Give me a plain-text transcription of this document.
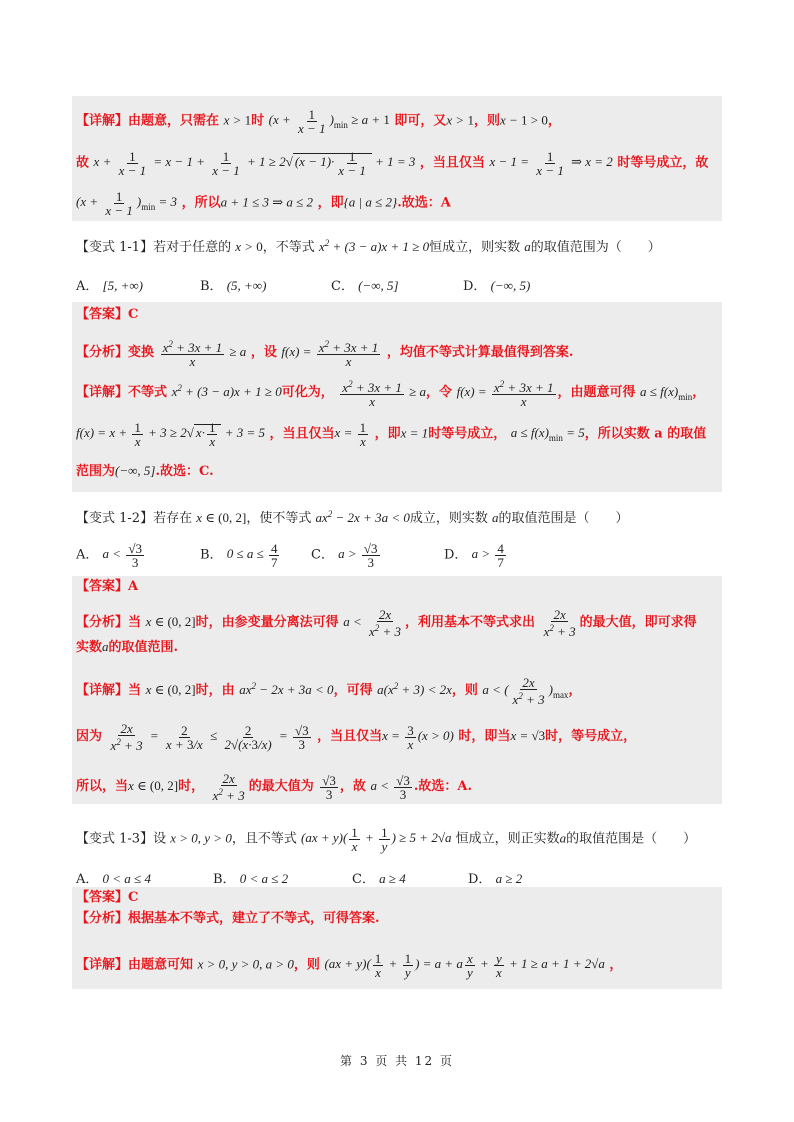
【详解】由题意，只需在 x > 1时 $(x + \frac{1}{x - 1} )_{min} \ge a + 1$ 即可，又x > 1，则x − 1 > 0，
故 $x + \frac{1}{x - 1} = x - 1 + \frac{1}{x - 1} + 1 \ge 2√$ $(x - 1)\cdot \frac{1}{x - 1} + 1 = 3$ ，当且仅当 $x - 1 = \frac{1}{x - 1}$ ⇒ x = 2 时等号成立，故
$(x + \frac{1}{x - 1} )_{min} = 3$ ，所以a + 1 ≤ 3 ⇒ a ≤ 2 ，即{a | a ≤ 2}.故选：A
【变式 1-1】若对于任意的 x > 0，不等式 $x^2 + (3 - a)x + 1 \ge 0$恒成立，则实数 a的取值范围为（　　）
A． [5, +∞)	B． (5, +∞)	C． (−∞, 5]	D． (−∞, 5)
【答案】C
【分析】变换 $\frac{x^2 + 3x + 1}{x} \ge a$ ，设 $f(x) = \frac{x^2 + 3x + 1}{x}$ ，均值不等式计算最值得到答案.
【详解】不等式 $x^2 + (3 - a)x + 1 \ge 0$可化为， $\frac{x^2 + 3x + 1}{x} \ge a$，令 $f(x) = \frac{x^2 + 3x + 1}{x}$ ，由题意可得 $a \le f(x)_{min}$，
$f(x) = x + \frac{1}{x} + 3 \ge 2√$ $x\cdot \frac{1}{x} + 3 = 5$ ，当且仅当$x = \frac{1}{x}$ ，即x = 1时等号成立， $a \le f(x)_{min} = 5$，所以实数 a 的取值
范围为(−∞, 5].故选：C.
【变式 1-2】若存在 x ∈ (0, 2]，使不等式 $ax^2 - 2x + 3a < 0$成立，则实数 a的取值范围是（　　）
A． $a < \frac{√3}{3}$	B． $0 \le a \le \frac{4}{7}$ C． $a > \frac{√3}{3}$	D． $a > \frac{4}{7}$
【答案】A
【分析】当 x ∈ (0, 2]时，由参变量分离法可得 $a < \frac{2x}{x^2 + 3}$ ，利用基本不等式求出 $\frac{2x}{x^2 + 3}$ 的最大值，即可求得
实数a的取值范围.
【详解】当 x ∈ (0, 2]时，由 $ax^2 - 2x + 3a < 0$，可得 $a(x^2 + 3) < 2x$，则 a < ( $\frac{2x}{x^2 + 3} )_{max}$，
因为 $\frac{2x}{x^2 + 3} = \frac{2}{x + 3/x} \le \frac{2}{2√(x\cdot 3/x)} = \frac{√3}{3}$ ，当且仅当$x = \frac{3}{x} (x > 0)$ 时，即当x = √3时，等号成立，
所以，当x ∈ (0, 2]时， $\frac{2x}{x^2 + 3}$ 的最大值为 $\frac{√3}{3}$ ，故 $a < \frac{√3}{3}$ .故选：A.
【变式 1-3】设 x > 0, y > 0，且不等式 $(ax + y)( \frac{1}{x} + \frac{1}{y}$ ) ≥ 5 + 2√a 恒成立，则正实数a的取值范围是（　　）
A． 0 < a ≤ 4	B． 0 < a ≤ 2	C． a ≥ 4	D． a ≥ 2
【答案】C
【分析】根据基本不等式，建立了不等式，可得答案.
【详解】由题意可知 x > 0, y > 0, a > 0，则 $(ax + y)( \frac{1}{x} + \frac{1}{y}$ ) = a + a $\frac{x}{y} + \frac{y}{x} + 1 \ge a + 1 + 2√a$ ，
第 3 页 共 12 页
